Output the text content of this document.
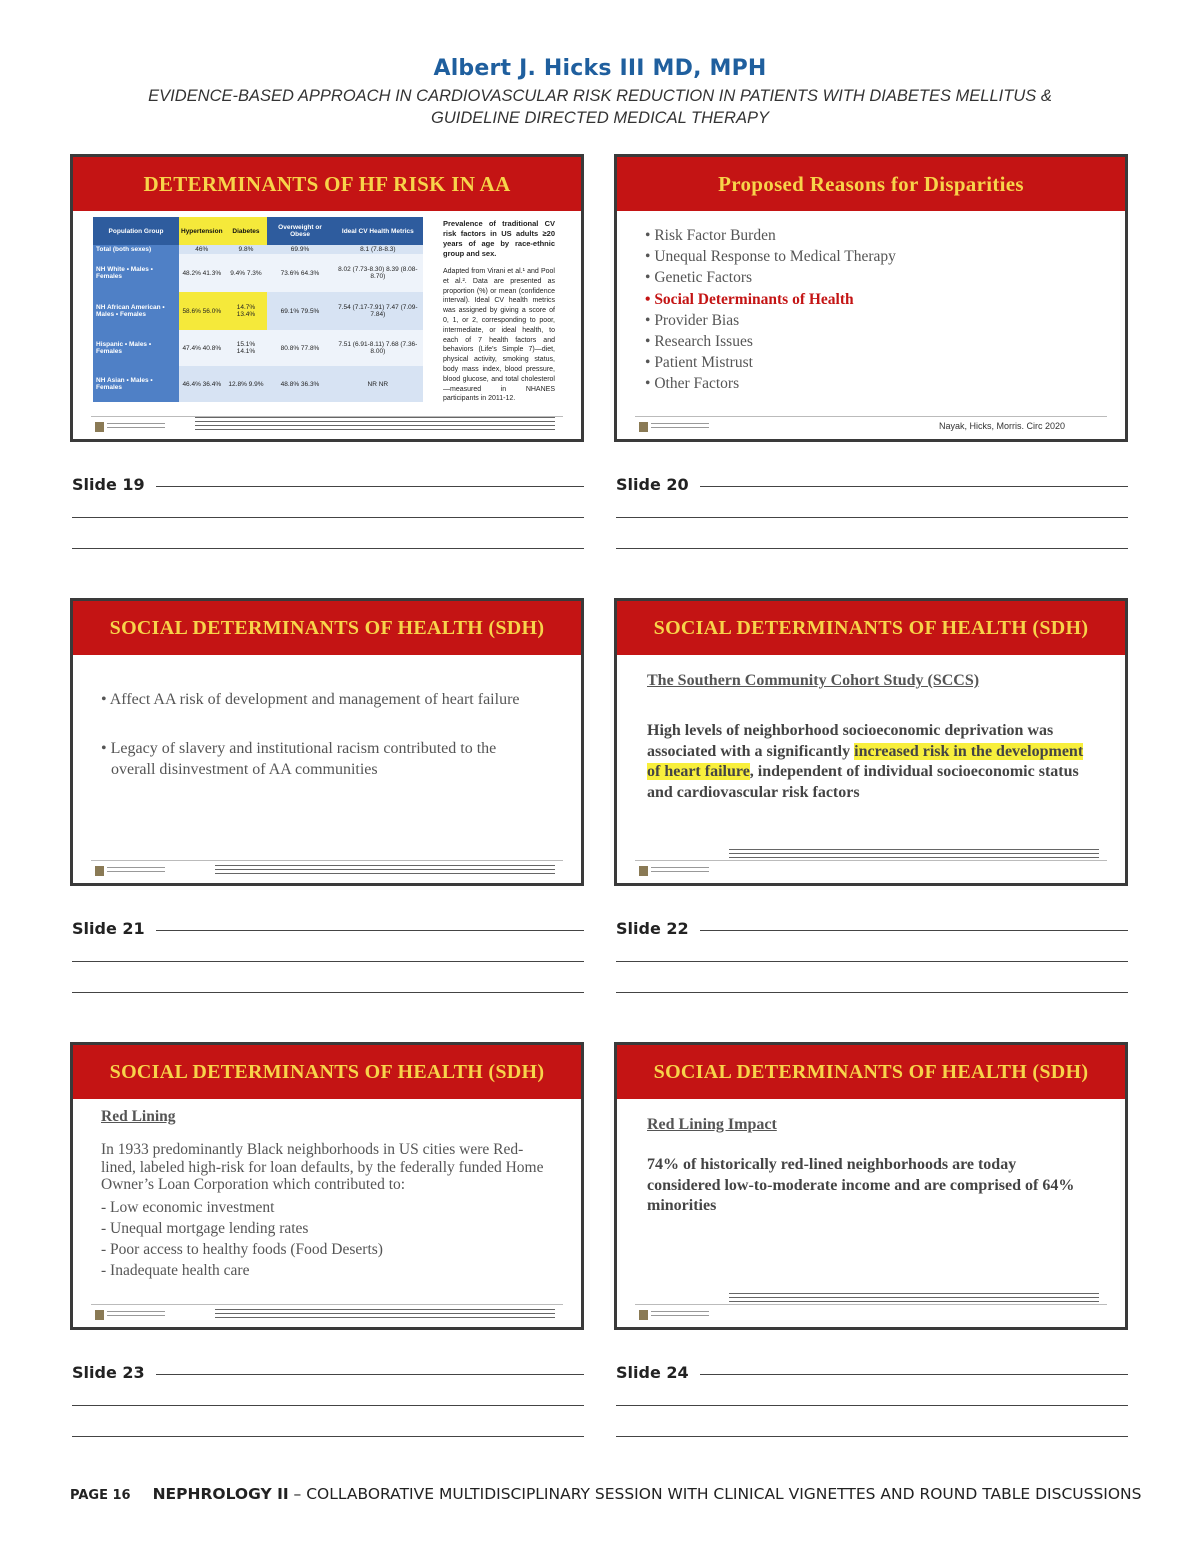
Albert J. Hicks III MD, MPH
EVIDENCE-BASED APPROACH IN CARDIOVASCULAR RISK REDUCTION IN PATIENTS WITH DIABETES MELLITUS &
GUIDELINE DIRECTED MEDICAL THERAPY
DETERMINANTS OF HF RISK IN AA
Population Group	Hypertension	Diabetes	Overweight or Obese	Ideal CV Health Metrics
Total (both sexes)	46%	9.8%	69.9%	8.1 (7.8-8.3)
NH White • Males • Females	48.2% 41.3%	9.4% 7.3%	73.6% 64.3%	8.02 (7.73-8.30) 8.39 (8.08-8.70)
NH African American • Males • Females	58.6% 56.0%	14.7% 13.4%	69.1% 79.5%	7.54 (7.17-7.91) 7.47 (7.09-7.84)
Hispanic • Males • Females	47.4% 40.8%	15.1% 14.1%	80.8% 77.8%	7.51 (6.91-8.11) 7.68 (7.36-8.00)
NH Asian • Males • Females	46.4% 36.4%	12.8% 9.9%	48.8% 36.3%	NR NR
Prevalence of traditional CV risk factors in US adults ≥20 years of age by race-ethnic group and sex.
Adapted from Virani et al.¹ and Pool et al.². Data are presented as proportion (%) or mean (confidence interval). Ideal CV health metrics was assigned by giving a score of 0, 1, or 2, corresponding to poor, intermediate, or ideal health, to each of 7 health factors and behaviors (Life's Simple 7)—diet, physical activity, smoking status, body mass index, blood pressure, blood glucose, and total cholesterol—measured in NHANES participants in 2011-12.
Proposed Reasons for Disparities
• Risk Factor Burden
• Unequal Response to Medical Therapy
• Genetic Factors
• Social Determinants of Health
• Provider Bias
• Research Issues
• Patient Mistrust
• Other Factors
Nayak, Hicks, Morris. Circ 2020
Slide 19	Slide 20
SOCIAL DETERMINANTS OF HEALTH (SDH)
• Affect AA risk of development and management of heart failure
• Legacy of slavery and institutional racism contributed to the
overall disinvestment of AA communities
SOCIAL DETERMINANTS OF HEALTH (SDH)
The Southern Community Cohort Study (SCCS)
High levels of neighborhood socioeconomic deprivation was associated with a significantly increased risk in the development of heart failure, independent of individual socioeconomic status and cardiovascular risk factors
Slide 21	Slide 22
SOCIAL DETERMINANTS OF HEALTH (SDH)
Red Lining
In 1933 predominantly Black neighborhoods in US cities were Red-lined, labeled high-risk for loan defaults, by the federally funded Home Owner’s Loan Corporation which contributed to:
- Low economic investment
- Unequal mortgage lending rates
- Poor access to healthy foods (Food Deserts)
- Inadequate health care
SOCIAL DETERMINANTS OF HEALTH (SDH)
Red Lining Impact
74% of historically red-lined neighborhoods are today considered low-to-moderate income and are comprised of 64% minorities
Slide 23	Slide 24
PAGE 16 NEPHROLOGY II – COLLABORATIVE MULTIDISCIPLINARY SESSION WITH CLINICAL VIGNETTES AND ROUND TABLE DISCUSSIONS
